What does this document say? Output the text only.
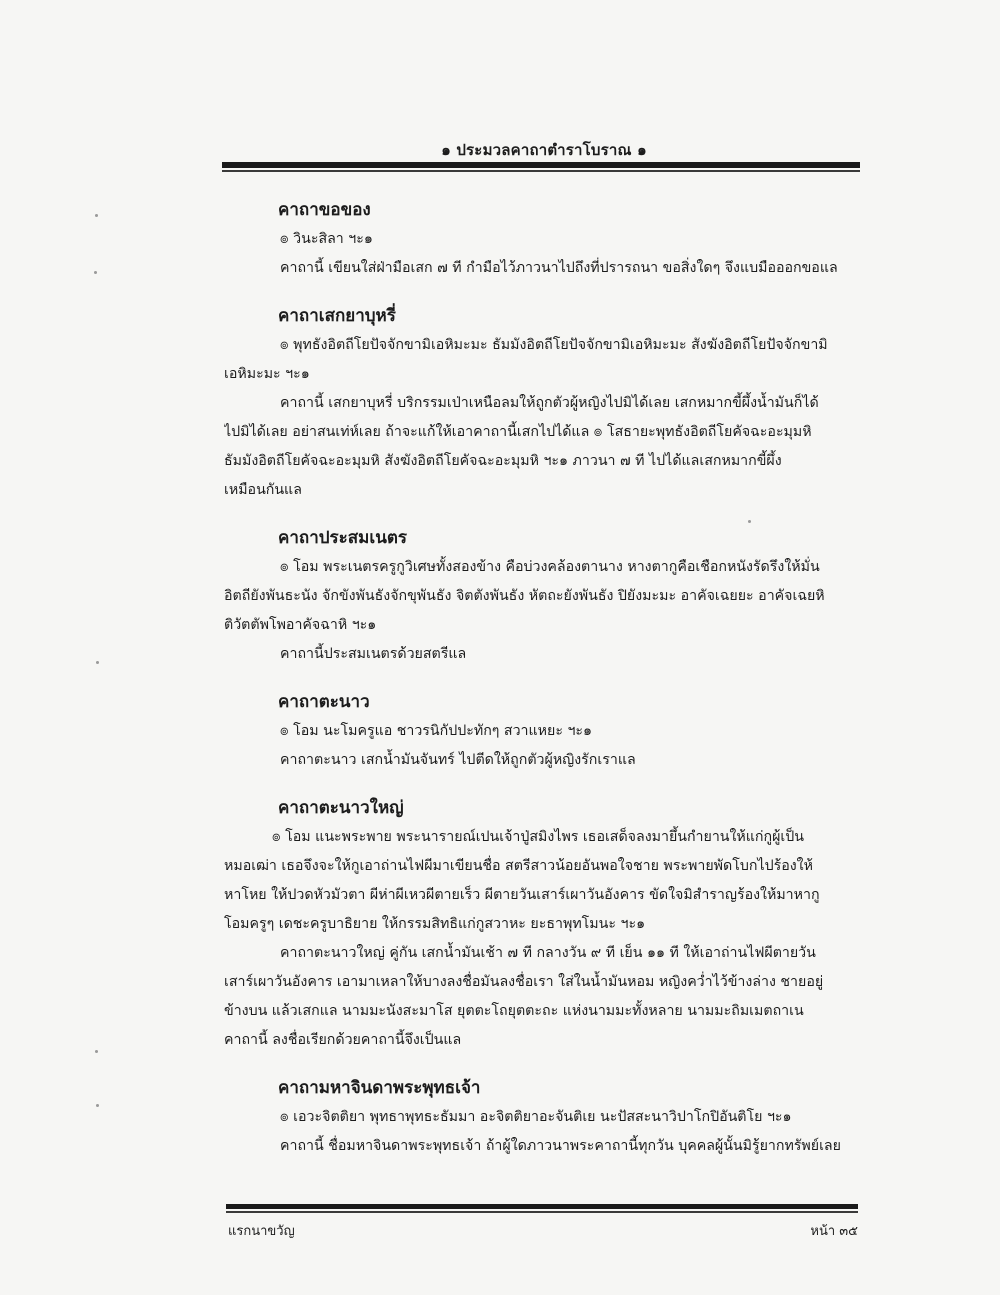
๑ ประมวลคาถาตำราโบราณ ๑
คาถาขอของ
๏ วินะสิลา ฯะ๑
คาถานี้ เขียนใส่ฝ่ามือเสก ๗ ที กำมือไว้ภาวนาไปถึงที่ปรารถนา ขอสิ่งใดๆ จึงแบมือออกขอแล
คาถาเสกยาบุหรี่
๏ พุทธังอิตถีโยปัจจักขามิเอหิมะมะ ธัมมังอิตถีโยปัจจักขามิเอหิมะมะ สังฆังอิตถีโยปัจจักขามิ
เอหิมะมะ ฯะ๑
คาถานี้ เสกยาบุหรี่ บริกรรมเป่าเหนือลมให้ถูกตัวผู้หญิงไปมิได้เลย เสกหมากขี้ผึ้งน้ำมันก็ได้
ไปมิได้เลย อย่าสนเท่ห์เลย ถ้าจะแก้ให้เอาคาถานี้เสกไปได้แล ๏ โสธายะพุทธังอิตถีโยคัจฉะอะมุมหิ
ธัมมังอิตถีโยคัจฉะอะมุมหิ สังฆังอิตถีโยคัจฉะอะมุมหิ ฯะ๑ ภาวนา ๗ ที ไปได้แลเสกหมากขี้ผึ้ง
เหมือนกันแล
คาถาประสมเนตร
๏ โอม พระเนตรครูกูวิเศษทั้งสองข้าง คือบ่วงคล้องตานาง หางตากูคือเชือกหนังรัดรึงให้มั่น
อิตถียังพันธะนัง จักขังพันธังจักขุพันธัง จิตตังพันธัง หัตถะยังพันธัง ปิยังมะมะ อาคัจเฉยยะ อาคัจเฉยหิ
ติวัตตัพโพอาคัจฉาหิ ฯะ๑
คาถานี้ประสมเนตรด้วยสตรีแล
คาถาตะนาว
๏ โอม นะโมครูแอ ชาวรนิกัปปะทักๆ สวาแหยะ ฯะ๑
คาถาตะนาว เสกน้ำมันจันทร์ ไปตีดให้ถูกตัวผู้หญิงรักเราแล
คาถาตะนาวใหญ่
๏ โอม แนะพระพาย พระนารายณ์เปนเจ้าปู่สมิงไพร เธอเสด็จลงมายึ้นกำยานให้แก่กูผู้เป็น
หมอเฒ่า เธอจึงจะให้กูเอาถ่านไฟผีมาเขียนชื่อ สตรีสาวน้อยอันพอใจชาย พระพายพัดโบกไปร้องให้
หาโหย ให้ปวดหัวมัวตา ผีห่าผีเหวผีตายเร็ว ผีตายวันเสาร์เผาวันอังคาร ขัดใจมิสำราญร้องให้มาหากู
โอมครูๆ เดชะครูบาธิยาย ให้กรรมสิทธิแก่กูสวาหะ ยะธาพุทโมนะ ฯะ๑
คาถาตะนาวใหญ่ คู่กัน เสกน้ำมันเช้า ๗ ที กลางวัน ๙ ที เย็น ๑๑ ที ให้เอาถ่านไฟผีตายวัน
เสาร์เผาวันอังคาร เอามาเหลาให้บางลงชื่อมันลงชื่อเรา ใส่ในน้ำมันหอม หญิงคว่ำไว้ข้างล่าง ชายอยู่
ข้างบน แล้วเสกแล นามมะนังสะมาโส ยุตตะโถยุตตะถะ แห่งนามมะทั้งหลาย นามมะถิมเมตถาเน
คาถานี้ ลงชื่อเรียกด้วยคาถานี้จึงเป็นแล
คาถามหาจินดาพระพุทธเจ้า
๏ เอวะจิตติยา พุทธาพุทธะธัมมา อะจิตติยาอะจันติเย นะปัสสะนาวิปาโกปิอันติโย ฯะ๑
คาถานี้ ชื่อมหาจินดาพระพุทธเจ้า ถ้าผู้ใดภาวนาพระคาถานี้ทุกวัน บุคคลผู้นั้นมิรู้ยากทรัพย์เลย
แรกนาขวัญ	หน้า ๓๕
